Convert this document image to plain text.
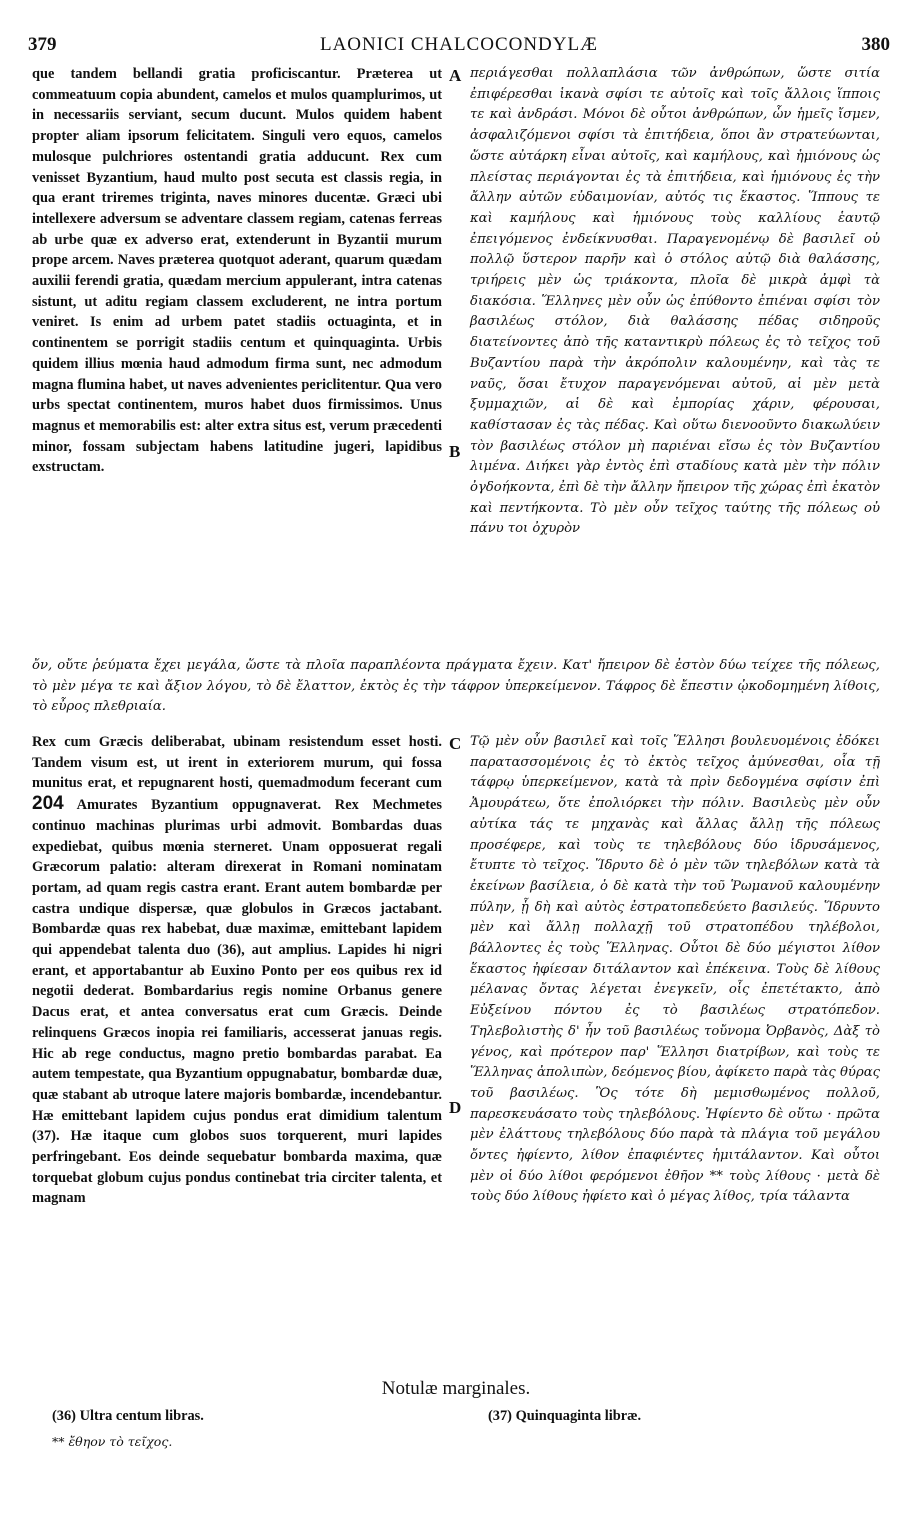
379	LAONICI CHALCOCONDYLÆ	380
que tandem bellandi gratia proficiscantur. Præterea ut commeatuum copia abundent, camelos et mulos quamplurimos, ut in necessariis serviant, secum ducunt. Mulos quidem habent propter aliam ipsorum felicitatem. Singuli vero equos, camelos mulosque pulchriores ostentandi gratia adducunt. Rex cum venisset Byzantium, haud multo post secuta est classis regia, in qua erant triremes triginta, naves minores ducentæ. Græci ubi intellexere adversum se adventare classem regiam, catenas ferreas ab urbe quæ ex adverso erat, extenderunt in Byzantii murum prope arcem. Naves præterea quotquot aderant, quarum quædam auxilii ferendi gratia, quædam mercium appulerant, intra catenas sistunt, ut aditu regiam classem excluderent, ne intra portum veniret. Is enim ad urbem patet stadiis octuaginta, et in continentem se porrigit stadiis centum et quinquaginta. Urbis quidem illius mœnia haud admodum firma sunt, nec admodum magna flumina habet, ut naves advenientes periclitentur. Qua vero urbs spectat continentem, muros habet duos firmissimos. Unus magnus et memorabilis est: alter extra situs est, verum præcedenti minor, fossam subjectam habens latitudine jugeri, lapidibus exstructam.
περιάγεσθαι πολλαπλάσια τῶν ἀνθρώπων, ὥστε σιτία ἐπιφέρεσθαι ἱκανὰ σφίσι τε αὐτοῖς καὶ τοῖς ἄλλοις ἵπποις τε καὶ ἀνδράσι. Μόνοι δὲ οὗτοι ἀνθρώπων, ὧν ἡμεῖς ἴσμεν, ἀσφαλιζόμενοι σφίσι τὰ ἐπιτήδεια, ὅποι ἂν στρατεύωνται, ὥστε αὐτάρκη εἶναι αὐτοῖς, καὶ καμήλους, καὶ ἡμιόνους ὡς πλείστας περιάγονται ἐς τὰ ἐπιτήδεια, καὶ ἡμιόνους ἐς τὴν ἄλλην αὐτῶν εὐδαιμονίαν, αὐτός τις ἕκαστος. Ἵππους τε καὶ καμήλους καὶ ἡμιόνους τοὺς καλλίους ἑαυτῷ ἐπειγόμενος ἐνδείκνυσθαι. Παραγενομένῳ δὲ βασιλεῖ οὐ πολλῷ ὕστερον παρῆν καὶ ὁ στόλος αὐτῷ διὰ θαλάσσης, τριήρεις μὲν ὡς τριάκοντα, πλοῖα δὲ μικρὰ ἀμφὶ τὰ διακόσια. Ἕλληνες μὲν οὖν ὡς ἐπύθοντο ἐπιέναι σφίσι τὸν βασιλέως στόλον, διὰ θαλάσσης πέδας σιδηροῦς διατείνοντες ἀπὸ τῆς καταντικρὺ πόλεως ἐς τὸ τεῖχος τοῦ Βυζαντίου παρὰ τὴν ἀκρόπολιν καλουμένην, καὶ τὰς τε ναῦς, ὅσαι ἔτυχον παραγενόμεναι αὐτοῦ, αἱ μὲν μετὰ ξυμμαχιῶν, αἱ δὲ καὶ ἐμπορίας χάριν, φέρουσαι, καθίστασαν ἐς τὰς πέδας. Καὶ οὕτω διενοοῦντο διακωλύειν τὸν βασιλέως στόλον μὴ παριέναι εἴσω ἐς τὸν Βυζαντίου λιμένα. Διήκει γὰρ ἐντὸς ἐπὶ σταδίους κατὰ μὲν τὴν πόλιν ὀγδοήκοντα, ἐπὶ δὲ τὴν ἄλλην ἤπειρον τῆς χώρας ἐπὶ ἑκατὸν καὶ πεντήκοντα. Τὸ μὲν οὖν τεῖχος ταύτης τῆς πόλεως οὐ πάνυ τοι ὀχυρὸν
A
B
C
D
ὄν, οὔτε ῥεύματα ἔχει μεγάλα, ὥστε τὰ πλοῖα παραπλέοντα πράγματα ἔχειν. Κατ' ἤπειρον δὲ ἐστὸν δύω τείχεε τῆς πόλεως, τὸ μὲν μέγα τε καὶ ἄξιον λόγου, τὸ δὲ ἔλαττον, ἐκτὸς ἐς τὴν τάφρον ὑπερκείμενον. Τάφρος δὲ ἔπεστιν ᾠκοδομημένη λίθοις, τὸ εὖρος πλεθριαία.
Rex cum Græcis deliberabat, ubinam resistendum esset hosti. Tandem visum est, ut irent in exteriorem murum, qui fossa munitus erat, et repugnarent hosti, quemadmodum fecerant cum 204 Amurates Byzantium oppugnaverat. Rex Mechmetes continuo machinas plurimas urbi admovit. Bombardas duas expediebat, quibus mœnia sterneret. Unam opposuerat regali Græcorum palatio: alteram direxerat in Romani nominatam portam, ad quam regis castra erant. Erant autem bombardæ per castra undique dispersæ, quæ globulos in Græcos jactabant. Bombardæ quas rex habebat, duæ maximæ, emittebant lapidem qui appendebat talenta duo (36), aut amplius. Lapides hi nigri erant, et apportabantur ab Euxino Ponto per eos quibus rex id negotii dederat. Bombardarius regis nomine Orbanus genere Dacus erat, et antea conversatus erat cum Græcis. Deinde relinquens Græcos inopia rei familiaris, accesserat januas regis. Hic ab rege conductus, magno pretio bombardas parabat. Ea autem tempestate, qua Byzantium oppugnabatur, bombardæ duæ, quæ stabant ab utroque latere majoris bombardæ, incendebantur. Hæ emittebant lapidem cujus pondus erat dimidium talentum (37). Hæ itaque cum globos suos torquerent, muri lapides perfringebant. Eos deinde sequebatur bombarda maxima, quæ torquebat globum cujus pondus continebat tria circiter talenta, et magnam
Τῷ μὲν οὖν βασιλεῖ καὶ τοῖς Ἕλλησι βουλευομένοις ἐδόκει παρατασσομένοις ἐς τὸ ἐκτὸς τεῖχος ἀμύνεσθαι, οἷα τῇ τάφρῳ ὑπερκείμενον, κατὰ τὰ πρὶν δεδογμένα σφίσιν ἐπὶ Ἀμουράτεω, ὅτε ἐπολιόρκει τὴν πόλιν. Βασιλεὺς μὲν οὖν αὐτίκα τάς τε μηχανὰς καὶ ἄλλας ἄλλῃ τῆς πόλεως προσέφερε, καὶ τοὺς τε τηλεβόλους δύο ἱδρυσάμενος, ἔτυπτε τὸ τεῖχος. Ἵδρυτο δὲ ὁ μὲν τῶν τηλεβόλων κατὰ τὰ ἐκείνων βασίλεια, ὁ δὲ κατὰ τὴν τοῦ Ῥωμανοῦ καλουμένην πύλην, ᾗ δὴ καὶ αὐτὸς ἐστρατοπεδεύετο βασιλεύς. Ἵδρυντο μὲν καὶ ἄλλῃ πολλαχῇ τοῦ στρατοπέδου τηλέβολοι, βάλλοντες ἐς τοὺς Ἕλληνας. Οὗτοι δὲ δύο μέγιστοι λίθον ἕκαστος ἠφίεσαν διτάλαντον καὶ ἐπέκεινα. Τοὺς δὲ λίθους μέλανας ὄντας λέγεται ἐνεγκεῖν, οἷς ἐπετέτακτο, ἀπὸ Εὐξείνου πόντου ἐς τὸ βασιλέως στρατόπεδον. Τηλεβολιστὴς δ' ἦν τοῦ βασιλέως τοὔνομα Ὀρβανὸς, Δὰξ τὸ γένος, καὶ πρότερον παρ' Ἕλλησι διατρίβων, καὶ τοὺς τε Ἕλληνας ἀπολιπὼν, δεόμενος βίου, ἀφίκετο παρὰ τὰς θύρας τοῦ βασιλέως. Ὃς τότε δὴ μεμισθωμένος πολλοῦ, παρεσκευάσατο τοὺς τηλεβόλους. Ἠφίεντο δὲ οὕτω · πρῶτα μὲν ἐλάττους τηλεβόλους δύο παρὰ τὰ πλάγια τοῦ μεγάλου ὄντες ἠφίεντο, λίθον ἐπαφιέντες ἡμιτάλαντον. Καὶ οὗτοι μὲν οἱ δύο λίθοι φερόμενοι ἐθῆον ** τοὺς λίθους · μετὰ δὲ τοὺς δύο λίθους ἠφίετο καὶ ὁ μέγας λίθος, τρία τάλαντα
Notulæ marginales.
(36) Ultra centum libras.	(37) Quinquaginta libræ.
** ἔθηον τὸ τεῖχος.
